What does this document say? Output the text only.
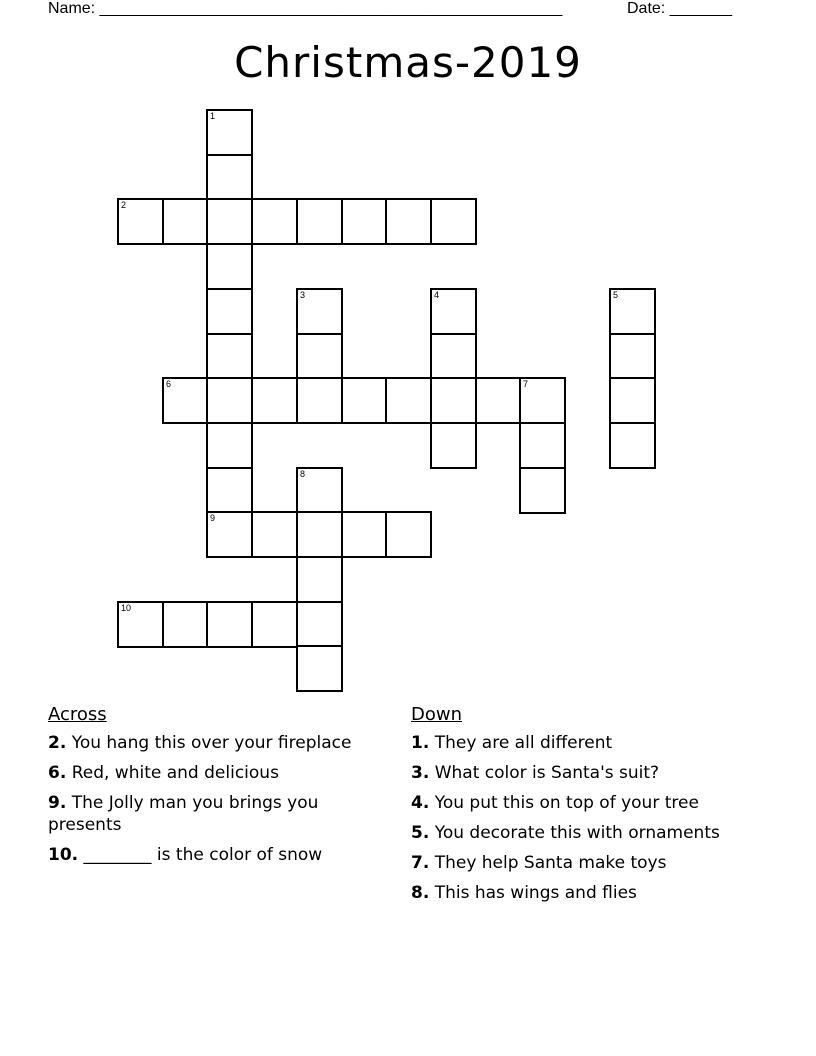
Name: ____________________________________________________	Date: _______
Christmas-2019
1
2
3	4	5
6	7
8
9
10
Across
2. You hang this over your fireplace
6. Red, white and delicious
9. The Jolly man you brings you presents
10. ________ is the color of snow
Down
1. They are all different
3. What color is Santa's suit?
4. You put this on top of your tree
5. You decorate this with ornaments
7. They help Santa make toys
8. This has wings and flies
